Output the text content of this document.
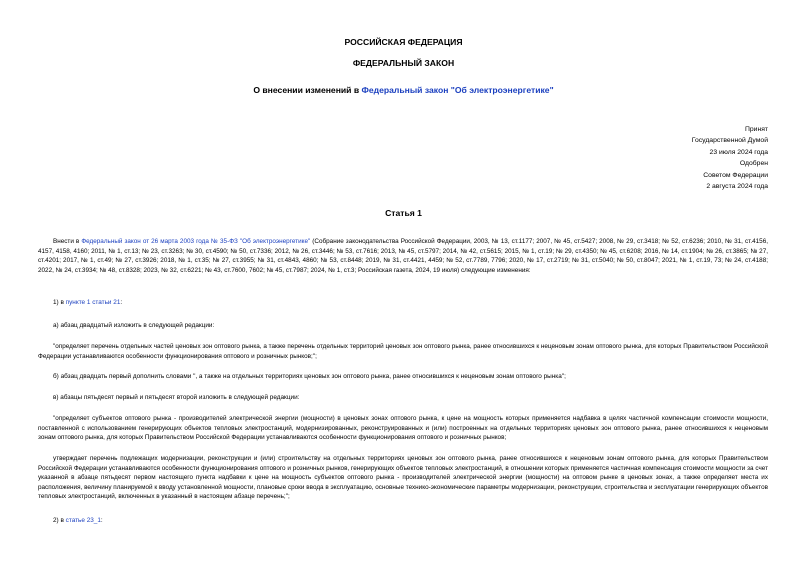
РОССИЙСКАЯ ФЕДЕРАЦИЯ
ФЕДЕРАЛЬНЫЙ ЗАКОН
О внесении изменений в Федеральный закон "Об электроэнергетике"
Принят
Государственной Думой
23 июля 2024 года
Одобрен
Советом Федерации
2 августа 2024 года
Статья 1
Внести в Федеральный закон от 26 марта 2003 года № 35-ФЗ "Об электроэнергетике" (Собрание законодательства Российской Федерации, 2003, № 13, ст.1177; 2007, № 45, ст.5427; 2008, № 29, ст.3418; № 52, ст.6236; 2010, № 31, ст.4156, 4157, 4158, 4160; 2011, № 1, ст.13; № 23, ст.3263; № 30, ст.4590; № 50, ст.7336; 2012, № 26, ст.3446; № 53, ст.7616; 2013, № 45, ст.5797; 2014, № 42, ст.5615; 2015, № 1, ст.19; № 29, ст.4350; № 45, ст.6208; 2016, № 14, ст.1904; № 26, ст.3865; № 27, ст.4201; 2017, № 1, ст.49; № 27, ст.3926; 2018, № 1, ст.35; № 27, ст.3955; № 31, ст.4843, 4860; № 53, ст.8448; 2019, № 31, ст.4421, 4459; № 52, ст.7789, 7796; 2020, № 17, ст.2719; № 31, ст.5040; № 50, ст.8047; 2021, № 1, ст.19, 73; № 24, ст.4188; 2022, № 24, ст.3934; № 48, ст.8328; 2023, № 32, ст.6221; № 43, ст.7600, 7602; № 45, ст.7987; 2024, № 1, ст.3; Российская газета, 2024, 19 июля) следующие изменения:
1) в пункте 1 статьи 21:
а) абзац двадцатый изложить в следующей редакции:
"определяет перечень отдельных частей ценовых зон оптового рынка, а также перечень отдельных территорий ценовых зон оптового рынка, ранее относившихся к неценовым зонам оптового рынка, для которых Правительством Российской Федерации устанавливаются особенности функционирования оптового и розничных рынков;";
б) абзац двадцать первый дополнить словами ", а также на отдельных территориях ценовых зон оптового рынка, ранее относившихся к неценовым зонам оптового рынка";
в) абзацы пятьдесят первый и пятьдесят второй изложить в следующей редакции:
"определяет субъектов оптового рынка - производителей электрической энергии (мощности) в ценовых зонах оптового рынка, к цене на мощность которых применяется надбавка в целях частичной компенсации стоимости мощности, поставленной с использованием генерирующих объектов тепловых электростанций, модернизированных, реконструированных и (или) построенных на отдельных территориях ценовых зон оптового рынка, ранее относившихся к неценовым зонам оптового рынка, для которых Правительством Российской Федерации устанавливаются особенности функционирования оптового и розничных рынков;
утверждает перечень подлежащих модернизации, реконструкции и (или) строительству на отдельных территориях ценовых зон оптового рынка, ранее относившихся к неценовым зонам оптового рынка, для которых Правительством Российской Федерации устанавливаются особенности функционирования оптового и розничных рынков, генерирующих объектов тепловых электростанций, в отношении которых применяется частичная компенсация стоимости мощности за счет указанной в абзаце пятьдесят первом настоящего пункта надбавки к цене на мощность субъектов оптового рынка - производителей электрической энергии (мощности) на оптовом рынке в ценовых зонах, а также определяет места их расположения, величину планируемой к вводу установленной мощности, плановые сроки ввода в эксплуатацию, основные технико-экономические параметры модернизации, реконструкции, строительства и эксплуатации генерирующих объектов тепловых электростанций, включенных в указанный в настоящем абзаце перечень;";
2) в статье 23_1:
